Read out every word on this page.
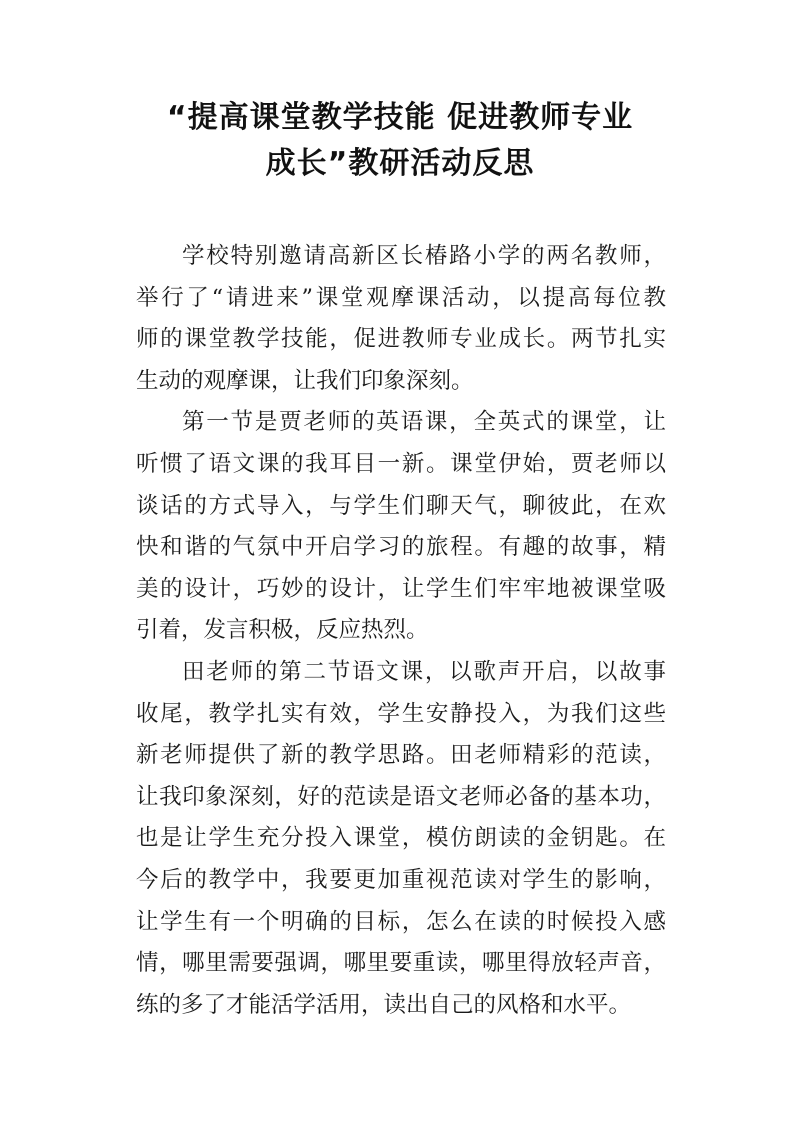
“提高课堂教学技能 促进教师专业
成长”教研活动反思
学校特别邀请高新区长椿路小学的两名教师，
举行了“请进来”课堂观摩课活动，以提高每位教
师的课堂教学技能，促进教师专业成长。两节扎实
生动的观摩课，让我们印象深刻。
第一节是贾老师的英语课，全英式的课堂，让
听惯了语文课的我耳目一新。课堂伊始，贾老师以
谈话的方式导入，与学生们聊天气，聊彼此，在欢
快和谐的气氛中开启学习的旅程。有趣的故事，精
美的设计，巧妙的设计，让学生们牢牢地被课堂吸
引着，发言积极，反应热烈。
田老师的第二节语文课，以歌声开启，以故事
收尾，教学扎实有效，学生安静投入，为我们这些
新老师提供了新的教学思路。田老师精彩的范读，
让我印象深刻，好的范读是语文老师必备的基本功，
也是让学生充分投入课堂，模仿朗读的金钥匙。在
今后的教学中，我要更加重视范读对学生的影响，
让学生有一个明确的目标，怎么在读的时候投入感
情，哪里需要强调，哪里要重读，哪里得放轻声音，
练的多了才能活学活用，读出自己的风格和水平。
